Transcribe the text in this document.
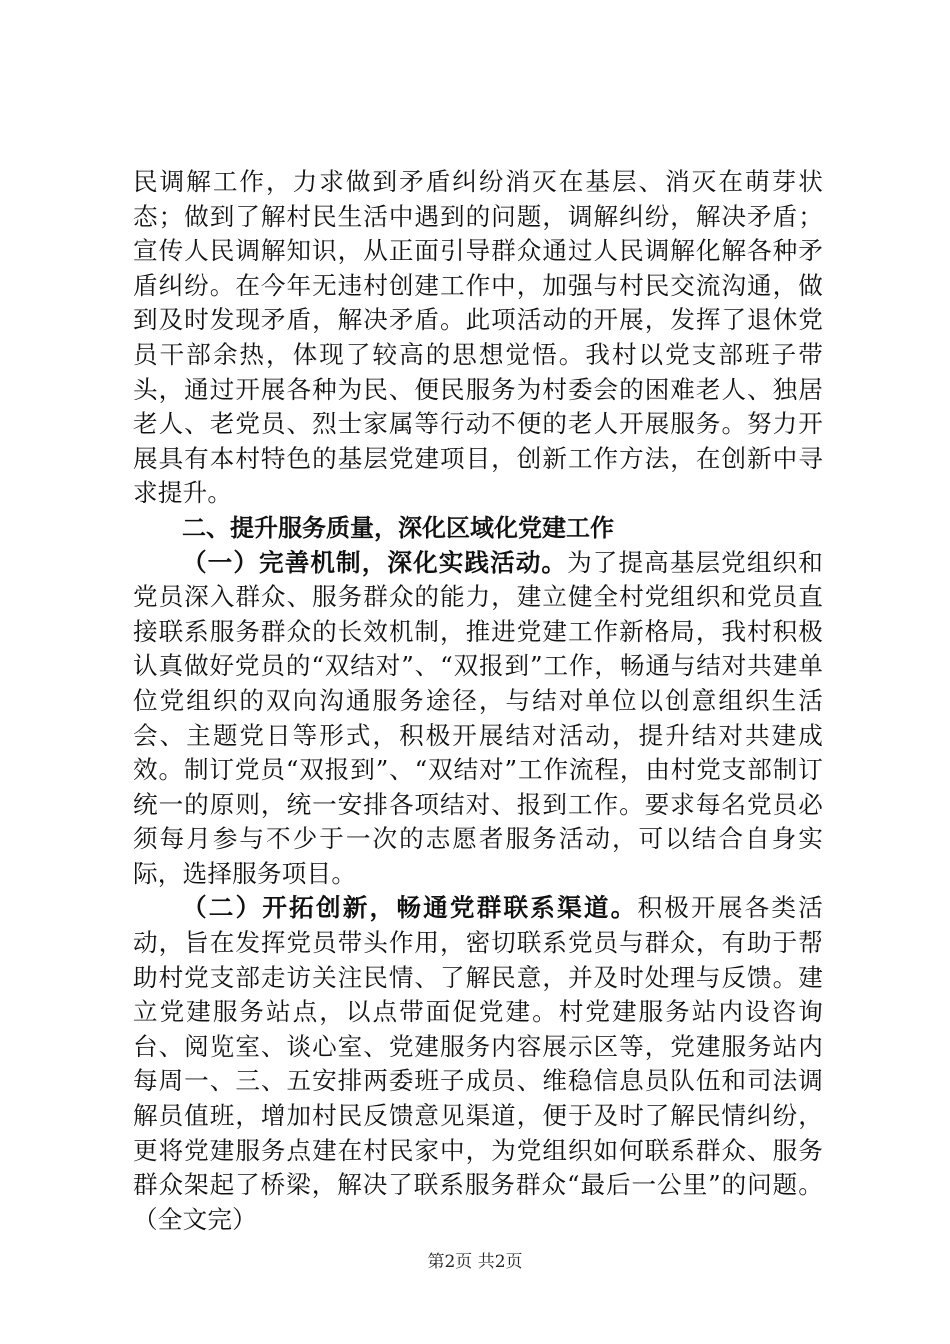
民调解工作，力求做到矛盾纠纷消灭在基层、消灭在萌芽状态；做到了解村民生活中遇到的问题，调解纠纷，解决矛盾；宣传人民调解知识，从正面引导群众通过人民调解化解各种矛盾纠纷。在今年无违村创建工作中，加强与村民交流沟通，做到及时发现矛盾，解决矛盾。此项活动的开展，发挥了退休党员干部余热，体现了较高的思想觉悟。我村以党支部班子带头，通过开展各种为民、便民服务为村委会的困难老人、独居老人、老党员、烈士家属等行动不便的老人开展服务。努力开展具有本村特色的基层党建项目，创新工作方法，在创新中寻求提升。

二、提升服务质量，深化区域化党建工作

（一）完善机制，深化实践活动。为了提高基层党组织和党员深入群众、服务群众的能力，建立健全村党组织和党员直接联系服务群众的长效机制，推进党建工作新格局，我村积极认真做好党员的“双结对”、“双报到”工作，畅通与结对共建单位党组织的双向沟通服务途径，与结对单位以创意组织生活会、主题党日等形式，积极开展结对活动，提升结对共建成效。制订党员“双报到”、“双结对”工作流程，由村党支部制订统一的原则，统一安排各项结对、报到工作。要求每名党员必须每月参与不少于一次的志愿者服务活动，可以结合自身实际，选择服务项目。

（二）开拓创新，畅通党群联系渠道。积极开展各类活动，旨在发挥党员带头作用，密切联系党员与群众，有助于帮助村党支部走访关注民情、了解民意，并及时处理与反馈。建立党建服务站点，以点带面促党建。村党建服务站内设咨询台、阅览室、谈心室、党建服务内容展示区等，党建服务站内每周一、三、五安排两委班子成员、维稳信息员队伍和司法调解员值班，增加村民反馈意见渠道，便于及时了解民情纠纷，更将党建服务点建在村民家中，为党组织如何联系群众、服务群众架起了桥梁，解决了联系服务群众“最后一公里”的问题。（全文完）

第2页 共2页
